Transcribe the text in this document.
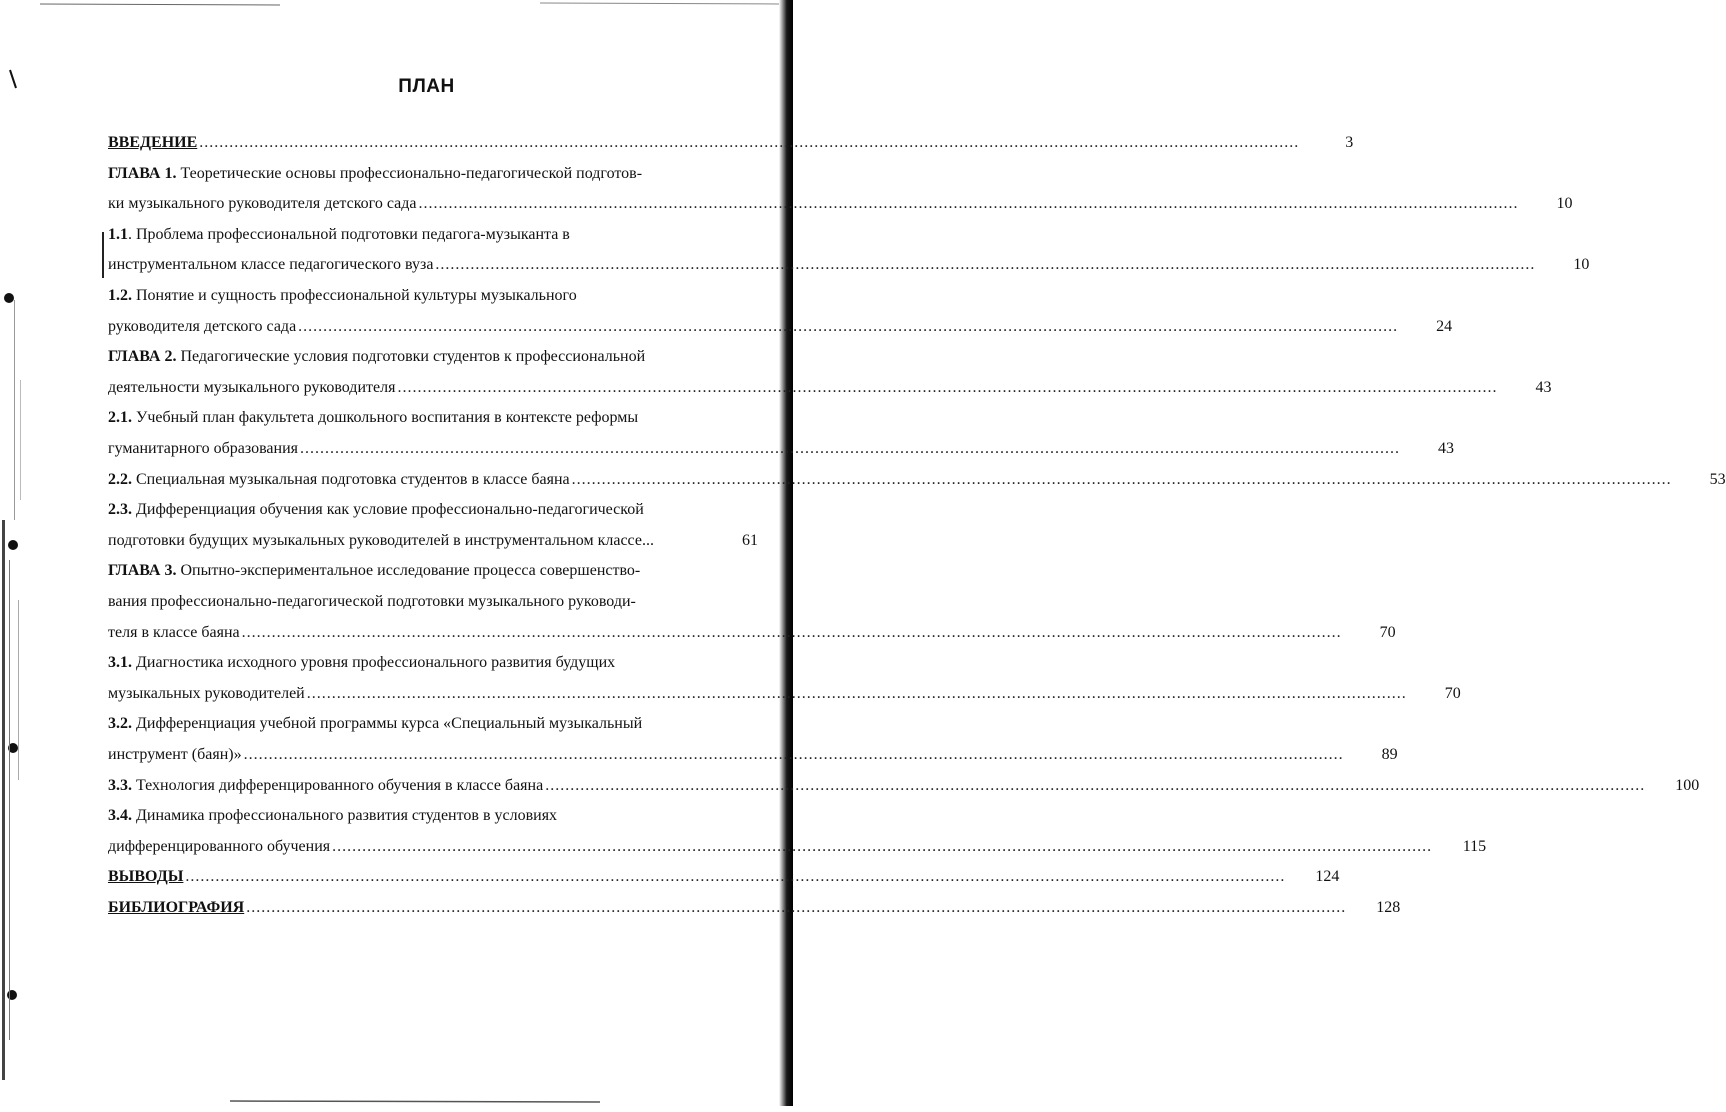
ПЛАН
ВВЕДЕНИЕ ............................................................................................................................................................................................................................	3
ГЛАВА 1. Теоретические основы профессионально-педагогической подготов-
ки музыкального руководителя детского сада ............................................................................................................................................................................................................................	10
1.1. Проблема профессиональной подготовки педагога-музыканта в
инструментальном классе педагогического вуза ............................................................................................................................................................................................................................	10
1.2. Понятие и сущность профессиональной культуры музыкального
руководителя детского сада ............................................................................................................................................................................................................................	24
ГЛАВА 2. Педагогические условия подготовки студентов к профессиональной
деятельности музыкального руководителя ............................................................................................................................................................................................................................	43
2.1. Учебный план факультета дошкольного воспитания в контексте реформы
гуманитарного образования ............................................................................................................................................................................................................................	43
2.2. Специальная музыкальная подготовка студентов в классе баяна ............................................................................................................................................................................................................................	53
2.3. Дифференциация обучения как условие профессионально-педагогической
подготовки будущих музыкальных руководителей в инструментальном классе...	61
ГЛАВА 3. Опытно-экспериментальное исследование процесса совершенство-
вания профессионально-педагогической подготовки музыкального руководи-
теля в классе баяна ............................................................................................................................................................................................................................	70
3.1. Диагностика исходного уровня профессионального развития будущих
музыкальных руководителей ............................................................................................................................................................................................................................	70
3.2. Дифференциация учебной программы курса «Специальный музыкальный
инструмент (баян)» ............................................................................................................................................................................................................................	89
3.3. Технология дифференцированного обучения в классе баяна ............................................................................................................................................................................................................................	100
3.4. Динамика профессионального развития студентов в условиях
дифференцированного обучения ............................................................................................................................................................................................................................	115
ВЫВОДЫ ............................................................................................................................................................................................................................	124
БИБЛИОГРАФИЯ ............................................................................................................................................................................................................................	128
